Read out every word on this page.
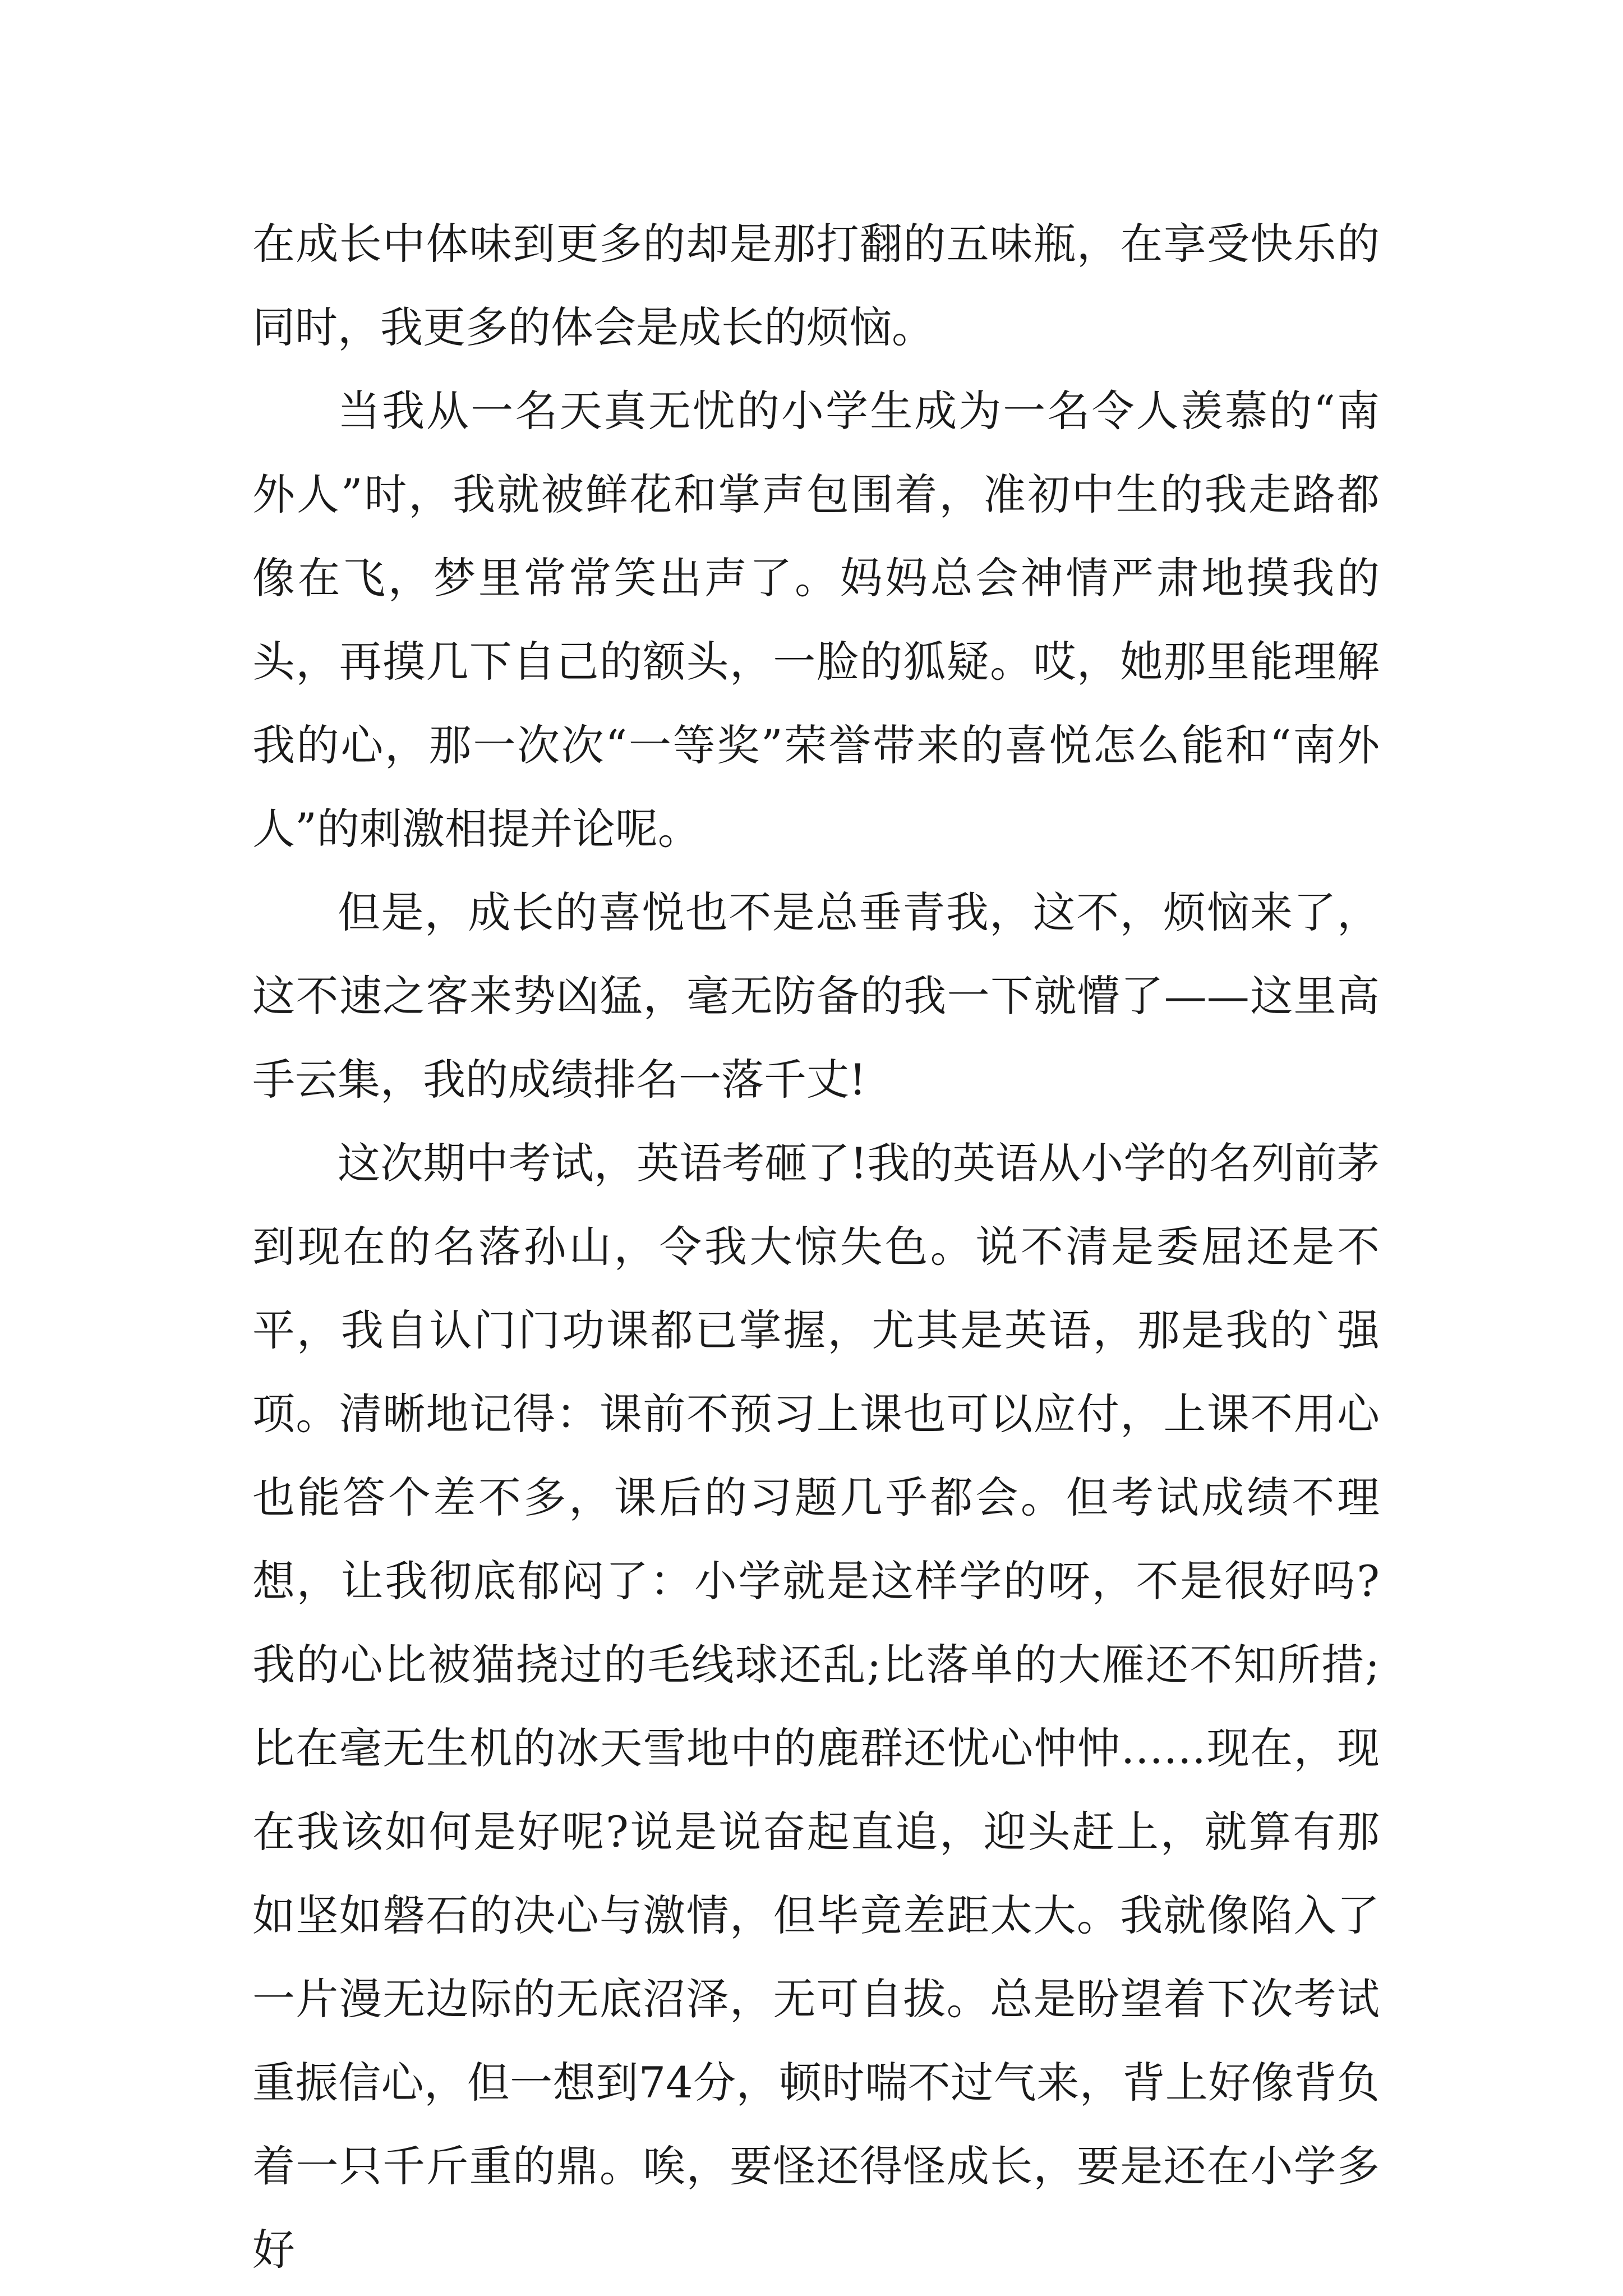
在成长中体味到更多的却是那打翻的五味瓶，在享受快乐的同时，我更多的体会是成长的烦恼。

当我从一名天真无忧的小学生成为一名令人羡慕的“南外人”时，我就被鲜花和掌声包围着，准初中生的我走路都像在飞，梦里常常笑出声了。妈妈总会神情严肃地摸我的头，再摸几下自己的额头，一脸的狐疑。哎，她那里能理解我的心，那一次次“一等奖”荣誉带来的喜悦怎么能和“南外人”的刺激相提并论呢。

但是，成长的喜悦也不是总垂青我，这不，烦恼来了，这不速之客来势凶猛，毫无防备的我一下就懵了——这里高手云集，我的成绩排名一落千丈!

这次期中考试，英语考砸了!我的英语从小学的名列前茅到现在的名落孙山，令我大惊失色。说不清是委屈还是不平，我自认门门功课都已掌握，尤其是英语，那是我的`强项。清晰地记得：课前不预习上课也可以应付，上课不用心也能答个差不多，课后的习题几乎都会。但考试成绩不理想，让我彻底郁闷了：小学就是这样学的呀，不是很好吗?我的心比被猫挠过的毛线球还乱;比落单的大雁还不知所措;比在毫无生机的冰天雪地中的鹿群还忧心忡忡……现在，现在我该如何是好呢?说是说奋起直追，迎头赶上，就算有那如坚如磐石的决心与激情，但毕竟差距太大。我就像陷入了一片漫无边际的无底沼泽，无可自拔。总是盼望着下次考试重振信心，但一想到74分，顿时喘不过气来，背上好像背负着一只千斤重的鼎。唉，要怪还得怪成长，要是还在小学多好
